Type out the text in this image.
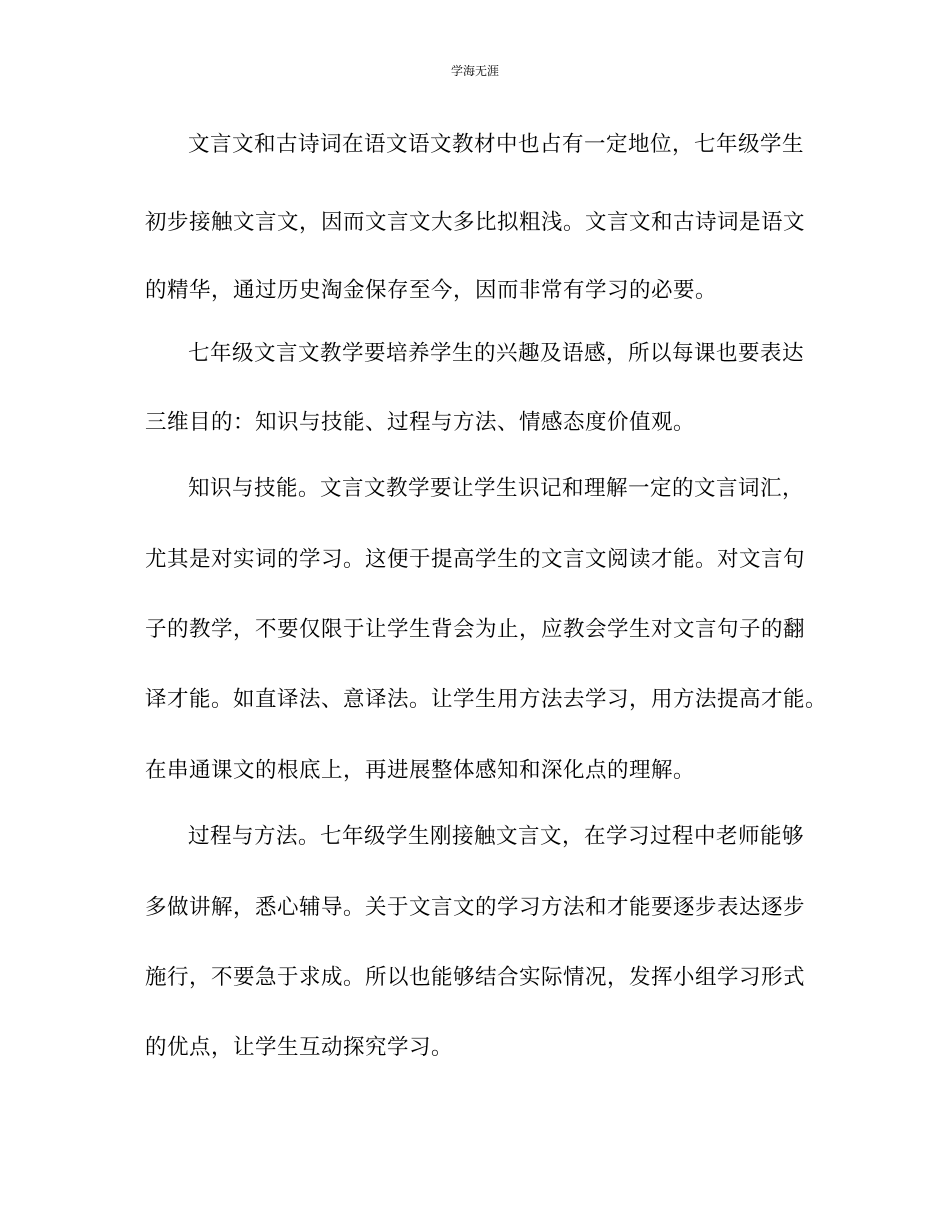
学海无涯
文言文和古诗词在语文语文教材中也占有一定地位，七年级学生
初步接触文言文，因而文言文大多比拟粗浅。文言文和古诗词是语文
的精华，通过历史淘金保存至今，因而非常有学习的必要。
七年级文言文教学要培养学生的兴趣及语感，所以每课也要表达
三维目的：知识与技能、过程与方法、情感态度价值观。
知识与技能。文言文教学要让学生识记和理解一定的文言词汇，
尤其是对实词的学习。这便于提高学生的文言文阅读才能。对文言句
子的教学，不要仅限于让学生背会为止，应教会学生对文言句子的翻
译才能。如直译法、意译法。让学生用方法去学习，用方法提高才能。
在串通课文的根底上，再进展整体感知和深化点的理解。
过程与方法。七年级学生刚接触文言文，在学习过程中老师能够
多做讲解，悉心辅导。关于文言文的学习方法和才能要逐步表达逐步
施行，不要急于求成。所以也能够结合实际情况，发挥小组学习形式
的优点，让学生互动探究学习。
